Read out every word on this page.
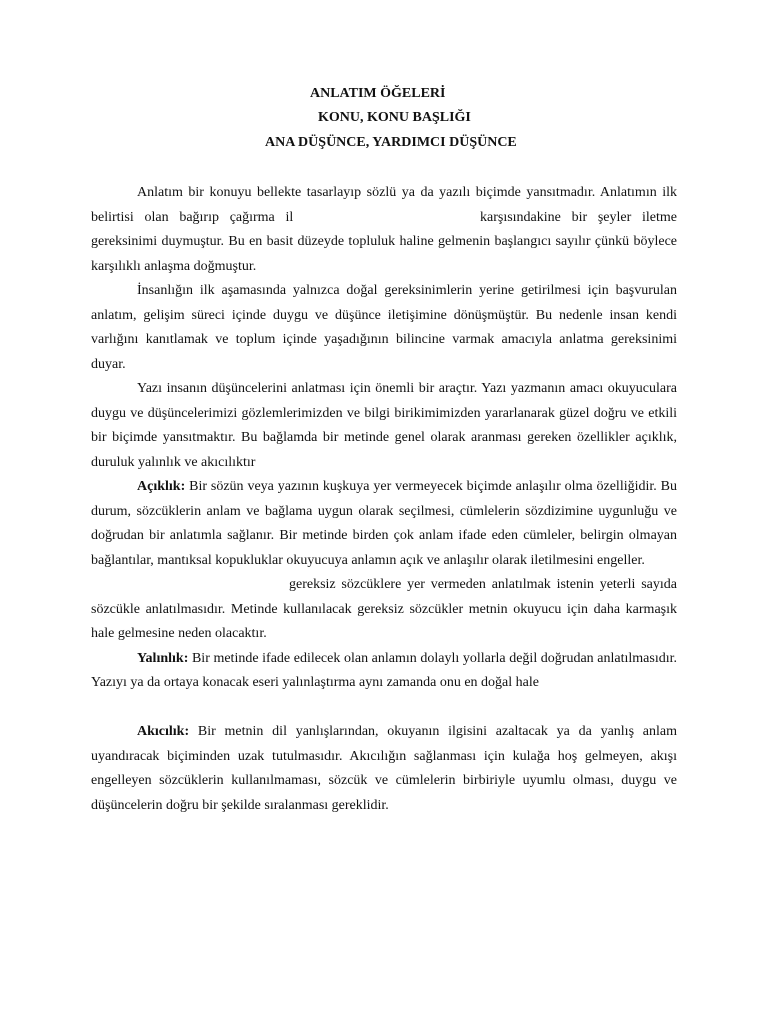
ANLATIM ÖĞELERİ
KONU, KONU BAŞLIĞI
ANA DÜŞÜNCE, YARDIMCI DÜŞÜNCE

Anlatım bir konuyu bellekte tasarlayıp sözlü ya da yazılı biçimde yansıtmadır. Anlatımın ilk belirtisi olan bağırıp çağırma il	karşısındakine bir şeyler iletme gereksinimi duymuştur. Bu en basit düzeyde topluluk haline gelmenin başlangıcı sayılır çünkü böylece karşılıklı anlaşma doğmuştur.

İnsanlığın ilk aşamasında yalnızca doğal gereksinimlerin yerine getirilmesi için başvurulan anlatım, gelişim süreci içinde duygu ve düşünce iletişimine dönüşmüştür. Bu nedenle insan kendi varlığını kanıtlamak ve toplum içinde yaşadığının bilincine varmak amacıyla anlatma gereksinimi duyar.

Yazı insanın düşüncelerini anlatması için önemli bir araçtır. Yazı yazmanın amacı okuyuculara duygu ve düşüncelerimizi gözlemlerimizden ve bilgi birikimimizden yararlanarak güzel doğru ve etkili bir biçimde yansıtmaktır. Bu bağlamda bir metinde genel olarak aranması gereken özellikler açıklık, duruluk yalınlık ve akıcılıktır

Açıklık: Bir sözün veya yazının kuşkuya yer vermeyecek biçimde anlaşılır olma özelliğidir. Bu durum, sözcüklerin anlam ve bağlama uygun olarak seçilmesi, cümlelerin sözdizimine uygunluğu ve doğrudan bir anlatımla sağlanır. Bir metinde birden çok anlam ifade eden cümleler, belirgin olmayan bağlantılar, mantıksal kopukluklar okuyucuya anlamın açık ve anlaşılır olarak iletilmesini engeller.

gereksiz sözcüklere yer vermeden anlatılmak istenin yeterli sayıda sözcükle anlatılmasıdır. Metinde kullanılacak gereksiz sözcükler metnin okuyucu için daha karmaşık hale gelmesine neden olacaktır.

Yalınlık: Bir metinde ifade edilecek olan anlamın dolaylı yollarla değil doğrudan anlatılmasıdır. Yazıyı ya da ortaya konacak eseri yalınlaştırma aynı zamanda onu en doğal hale

Akıcılık: Bir metnin dil yanlışlarından, okuyanın ilgisini azaltacak ya da yanlış anlam uyandıracak biçiminden uzak tutulmasıdır. Akıcılığın sağlanması için kulağa hoş gelmeyen, akışı engelleyen sözcüklerin kullanılmaması, sözcük ve cümlelerin birbiriyle uyumlu olması, duygu ve düşüncelerin doğru bir şekilde sıralanması gereklidir.
